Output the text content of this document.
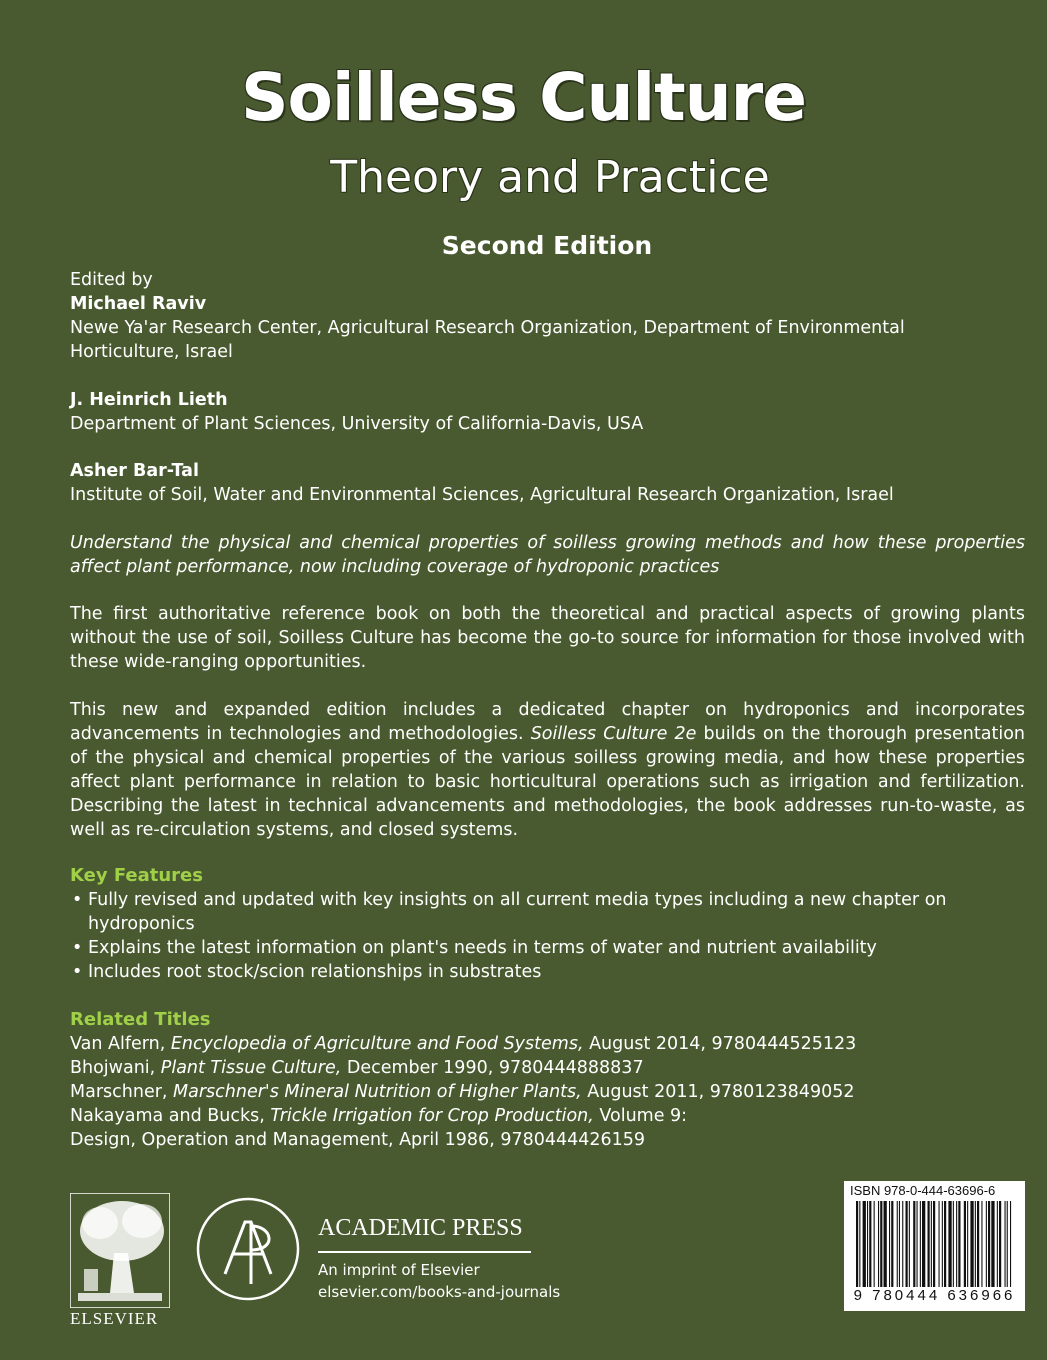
Soilless Culture
Theory and Practice
Second Edition
Edited by
Michael Raviv
Newe Ya'ar Research Center, Agricultural Research Organization, Department of Environmental Horticulture, Israel
J. Heinrich Lieth
Department of Plant Sciences, University of California-Davis, USA
Asher Bar-Tal
Institute of Soil, Water and Environmental Sciences, Agricultural Research Organization, Israel
Understand the physical and chemical properties of soilless growing methods and how these properties affect plant performance, now including coverage of hydroponic practices
The first authoritative reference book on both the theoretical and practical aspects of growing plants without the use of soil, Soilless Culture has become the go-to source for information for those involved with these wide-ranging opportunities.
This new and expanded edition includes a dedicated chapter on hydroponics and incorporates advancements in technologies and methodologies. Soilless Culture 2e builds on the thorough presentation of the physical and chemical properties of the various soilless growing media, and how these properties affect plant performance in relation to basic horticultural operations such as irrigation and fertilization. Describing the latest in technical advancements and methodologies, the book addresses run-to-waste, as well as re-circulation systems, and closed systems.
Key Features
• Fully revised and updated with key insights on all current media types including a new chapter on hydroponics
• Explains the latest information on plant's needs in terms of water and nutrient availability
• Includes root stock/scion relationships in substrates
Related Titles
Van Alfern, Encyclopedia of Agriculture and Food Systems, August 2014, 9780444525123
Bhojwani, Plant Tissue Culture, December 1990, 9780444888837
Marschner, Marschner's Mineral Nutrition of Higher Plants, August 2011, 9780123849052
Nakayama and Bucks, Trickle Irrigation for Crop Production, Volume 9:
Design, Operation and Management, April 1986, 9780444426159
ELSEVIER
ACADEMIC PRESS
An imprint of Elsevier
elsevier.com/books-and-journals
ISBN 978-0-444-63696-6
9 780444 636966
